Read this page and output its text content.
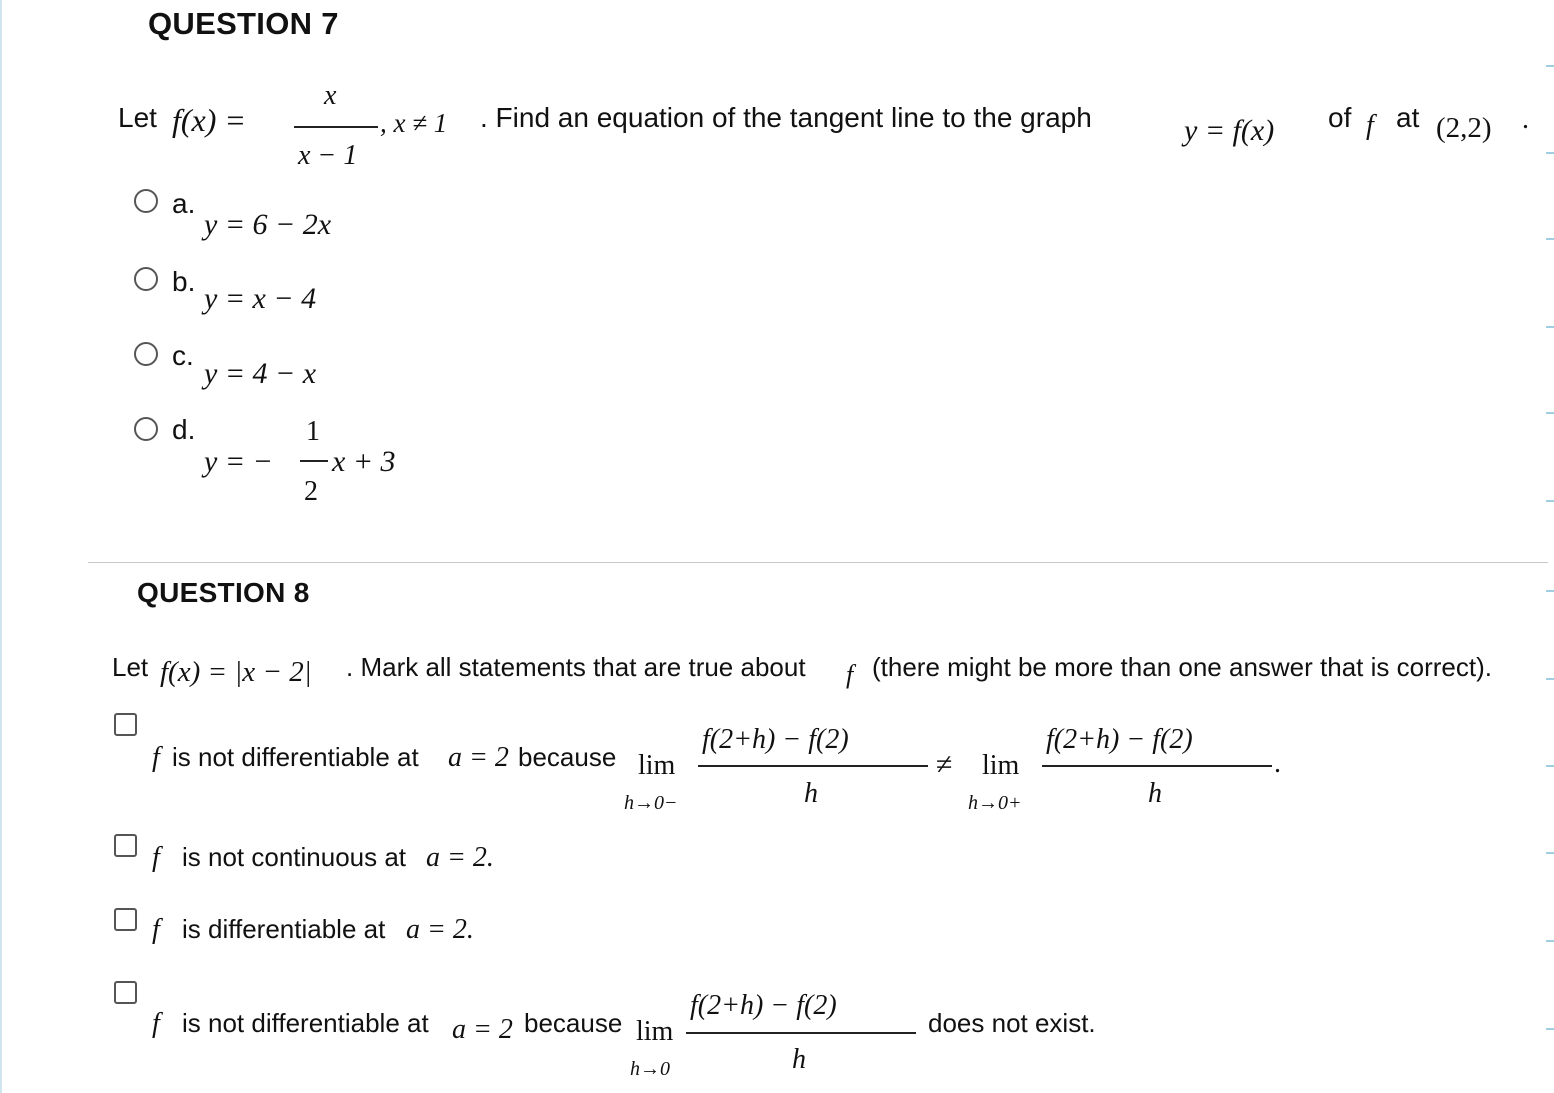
QUESTION 7
Let f(x) =
x
x − 1
, x ≠ 1 . Find an equation of the tangent line to the graph	y = f(x) of f at (2,2) .
a.
y = 6 − 2x
b.
y = x − 4
c.
y = 4 − x
d.
y = −
1
2
x + 3
QUESTION 8
Let f(x) = |x − 2| . Mark all statements that are true about f (there might be more than one answer that is correct).
f is not differentiable at a = 2 because lim
h→0−
f(2+h) − f(2)
h
≠ lim
h→0+
f(2+h) − f(2)
h
.
f is not continuous at a = 2.
f is differentiable at a = 2.
f is not differentiable at a = 2 because lim
h→0
f(2+h) − f(2)
h
does not exist.
